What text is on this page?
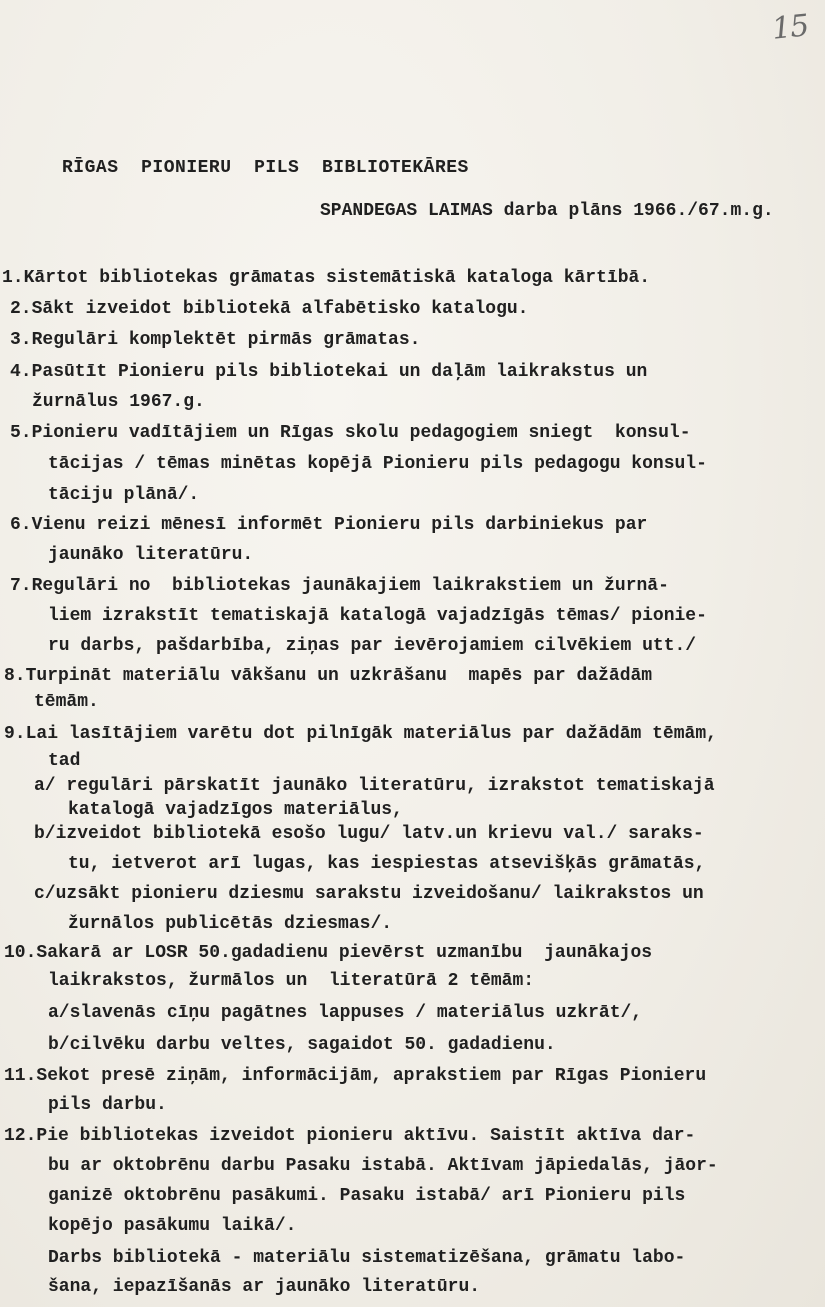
15
RĪGAS  PIONIERU  PILS  BIBLIOTEKĀRES
SPANDEGAS LAIMAS darba plāns 1966./67.m.g.
1.Kārtot bibliotekas grāmatas sistemātiskā kataloga kārtībā.
2.Sākt izveidot bibliotekā alfabētisko katalogu.
3.Regulāri komplektēt pirmās grāmatas.
4.Pasūtīt Pionieru pils bibliotekai un daļām laikrakstus un
žurnālus 1967.g.
5.Pionieru vadītājiem un Rīgas skolu pedagogiem sniegt  konsul-
tācijas / tēmas minētas kopējā Pionieru pils pedagogu konsul-
tāciju plānā/.
6.Vienu reizi mēnesī informēt Pionieru pils darbiniekus par
jaunāko literatūru.
7.Regulāri no  bibliotekas jaunākajiem laikrakstiem un žurnā-
liem izrakstīt tematiskajā katalogā vajadzīgās tēmas/ pionie-
ru darbs, pašdarbība, ziņas par ievērojamiem cilvēkiem utt./
8.Turpināt materiālu vākšanu un uzkrāšanu  mapēs par dažādām
tēmām.
9.Lai lasītājiem varētu dot pilnīgāk materiālus par dažādām tēmām,
tad
a/ regulāri pārskatīt jaunāko literatūru, izrakstot tematiskajā
katalogā vajadzīgos materiālus,
b/izveidot bibliotekā esošo lugu/ latv.un krievu val./ saraks-
tu, ietverot arī lugas, kas iespiestas atsevišķās grāmatās,
c/uzsākt pionieru dziesmu sarakstu izveidošanu/ laikrakstos un
žurnālos publicētās dziesmas/.
10.Sakarā ar LOSR 50.gadadienu pievērst uzmanību  jaunākajos
laikrakstos, žurmālos un  literatūrā 2 tēmām:
a/slavenās cīņu pagātnes lappuses / materiālus uzkrāt/,
b/cilvēku darbu veltes, sagaidot 50. gadadienu.
11.Sekot presē ziņām, informācijām, aprakstiem par Rīgas Pionieru
pils darbu.
12.Pie bibliotekas izveidot pionieru aktīvu. Saistīt aktīva dar-
bu ar oktobrēnu darbu Pasaku istabā. Aktīvam jāpiedalās, jāor-
ganizē oktobrēnu pasākumi. Pasaku istabā/ arī Pionieru pils
kopējo pasākumu laikā/.
Darbs bibliotekā - materiālu sistematizēšana, grāmatu labo-
šana, iepazīšanās ar jaunāko literatūru.
